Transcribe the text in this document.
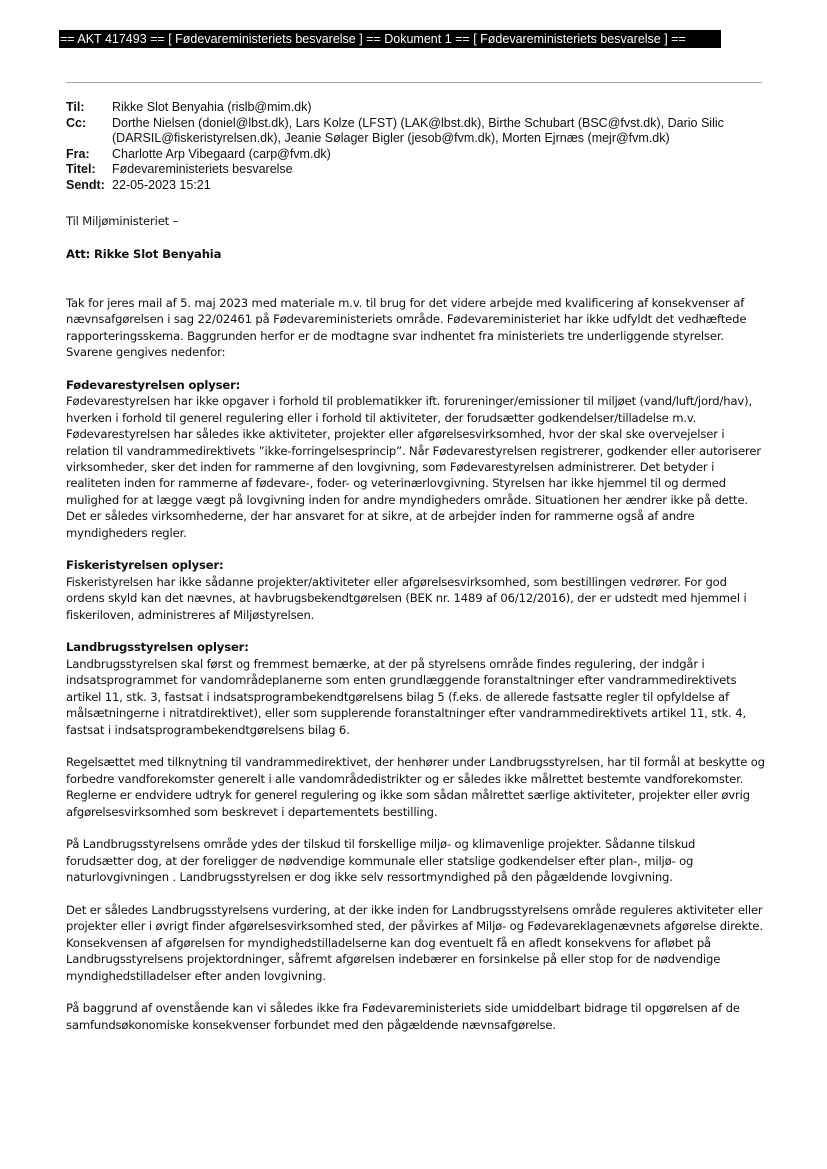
== AKT 417493 == [ Fødevareministeriets besvarelse ] == Dokument 1 == [ Fødevareministeriets besvarelse ] ==
Til:	Rikke Slot Benyahia (rislb@mim.dk)
Cc:	Dorthe Nielsen (doniel@lbst.dk), Lars Kolze (LFST) (LAK@lbst.dk), Birthe Schubart (BSC@fvst.dk), Dario Silic (DARSIL@fiskeristyrelsen.dk), Jeanie Sølager Bigler (jesob@fvm.dk), Morten Ejrnæs (mejr@fvm.dk)
Fra:	Charlotte Arp Vibegaard (carp@fvm.dk)
Titel:	Fødevareministeriets besvarelse
Sendt: 22-05-2023 15:21

Til Miljøministeriet –

Att: Rikke Slot Benyahia

Tak for jeres mail af 5. maj 2023 med materiale m.v. til brug for det videre arbejde med kvalificering af konsekvenser af nævnsafgørelsen i sag 22/02461 på Fødevareministeriets område. Fødevareministeriet har ikke udfyldt det vedhæftede rapporteringsskema. Baggrunden herfor er de modtagne svar indhentet fra ministeriets tre underliggende styrelser. Svarene gengives nedenfor:

Fødevarestyrelsen oplyser:

Fødevarestyrelsen har ikke opgaver i forhold til problematikker ift. forureninger/emissioner til miljøet (vand/luft/jord/hav), hverken i forhold til generel regulering eller i forhold til aktiviteter, der forudsætter godkendelser/tilladelse m.v. Fødevarestyrelsen har således ikke aktiviteter, projekter eller afgørelsesvirksomhed, hvor der skal ske overvejelser i relation til vandrammedirektivets ”ikke-forringelsesprincip”. Når Fødevarestyrelsen registrerer, godkender eller autoriserer virksomheder, sker det inden for rammerne af den lovgivning, som Fødevarestyrelsen administrerer. Det betyder i realiteten inden for rammerne af fødevare-, foder- og veterinærlovgivning. Styrelsen har ikke hjemmel til og dermed mulighed for at lægge vægt på lovgivning inden for andre myndigheders område. Situationen her ændrer ikke på dette. Det er således virksomhederne, der har ansvaret for at sikre, at de arbejder inden for rammerne også af andre myndigheders regler.

Fiskeristyrelsen oplyser:

Fiskeristyrelsen har ikke sådanne projekter/aktiviteter eller afgørelsesvirksomhed, som bestillingen vedrører. For god ordens skyld kan det nævnes, at havbrugsbekendtgørelsen (BEK nr. 1489 af 06/12/2016), der er udstedt med hjemmel i fiskeriloven, administreres af Miljøstyrelsen.

Landbrugsstyrelsen oplyser:

Landbrugsstyrelsen skal først og fremmest bemærke, at der på styrelsens område findes regulering, der indgår i indsatsprogrammet for vandområdeplanerne som enten grundlæggende foranstaltninger efter vandrammedirektivets artikel 11, stk. 3, fastsat i indsatsprogrambekendtgørelsens bilag 5 (f.eks. de allerede fastsatte regler til opfyldelse af målsætningerne i nitratdirektivet), eller som supplerende foranstaltninger efter vandrammedirektivets artikel 11, stk. 4, fastsat i indsatsprogrambekendtgørelsens bilag 6.

Regelsættet med tilknytning til vandrammedirektivet, der henhører under Landbrugsstyrelsen, har til formål at beskytte og forbedre vandforekomster generelt i alle vandområdedistrikter og er således ikke målrettet bestemte vandforekomster. Reglerne er endvidere udtryk for generel regulering og ikke som sådan målrettet særlige aktiviteter, projekter eller øvrig afgørelsesvirksomhed som beskrevet i departementets bestilling.

På Landbrugsstyrelsens område ydes der tilskud til forskellige miljø- og klimavenlige projekter. Sådanne tilskud forudsætter dog, at der foreligger de nødvendige kommunale eller statslige godkendelser efter plan-, miljø- og naturlovgivningen . Landbrugsstyrelsen er dog ikke selv ressortmyndighed på den pågældende lovgivning.

Det er således Landbrugsstyrelsens vurdering, at der ikke inden for Landbrugsstyrelsens område reguleres aktiviteter eller projekter eller i øvrigt finder afgørelsesvirksomhed sted, der påvirkes af Miljø- og Fødevareklagenævnets afgørelse direkte. Konsekvensen af afgørelsen for myndighedstilladelserne kan dog eventuelt få en afledt konsekvens for afløbet på Landbrugsstyrelsens projektordninger, såfremt afgørelsen indebærer en forsinkelse på eller stop for de nødvendige myndighedstilladelser efter anden lovgivning.

På baggrund af ovenstående kan vi således ikke fra Fødevareministeriets side umiddelbart bidrage til opgørelsen af de samfundsøkonomiske konsekvenser forbundet med den pågældende nævnsafgørelse.
